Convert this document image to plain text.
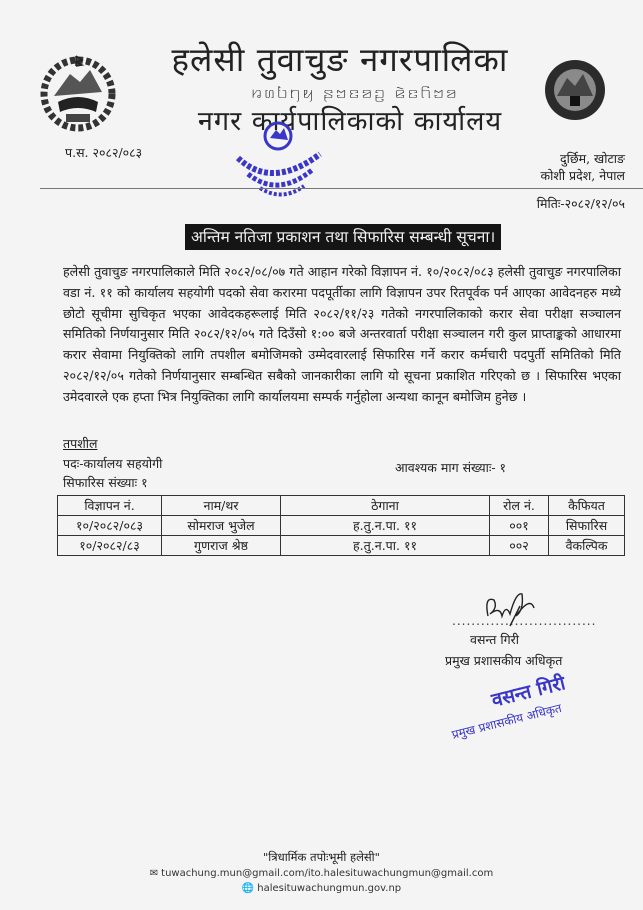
हलेसी तुवाचुङ नगरपालिका
ꤙꤛꤝꤚꤟ ꤔꤠꤢꤤꤑ ꤕꤧꤢꤖꤠꤤ
नगर कार्यपालिकाको कार्यालय
प.स. २०८२/०८३	दुर्छिम, खोटाङ
कोशी प्रदेश, नेपाल
मितिः-२०८२/१२/०५
अन्तिम नतिजा प्रकाशन तथा सिफारिस सम्बन्धी सूचना।
हलेसी तुवाचुङ नगरपालिकाले मिति २०८२/०८/०७ गते आहान गरेको विज्ञापन नं. १०/२०८२/०८३ हलेसी तुवाचुङ नगरपालिका वडा नं. ११ को कार्यालय सहयोगी पदको सेवा करारमा पदपूर्तीका लागि विज्ञापन उपर रितपूर्वक पर्न आएका आवेदनहरु मध्ये छोटो सूचीमा सुचिकृत भएका आवेदकहरूलाई मिति २०८२/११/२३ गतेको नगरपालिकाको करार सेवा परीक्षा सञ्चालन समितिको निर्णयानुसार मिति २०८२/१२/०५ गते दिउँसो १:०० बजे अन्तरवार्ता परीक्षा सञ्चालन गरी कुल प्राप्ताङ्कको आधारमा करार सेवामा नियुक्तिको लागि तपशील बमोजिमको उम्मेदवारलाई सिफारिस गर्ने करार कर्मचारी पदपुर्ती समितिको मिति २०८२/१२/०५ गतेको निर्णयानुसार सम्बन्धित सबैको जानकारीका लागि यो सूचना प्रकाशित गरिएको छ । सिफारिस भएका उमेदवारले एक हप्ता भित्र नियुक्तिका लागि कार्यालयमा सम्पर्क गर्नुहोला अन्यथा कानून बमोजिम हुनेछ ।
तपशील
पदः-कार्यालय सहयोगी	आवश्यक माग संख्याः- १
सिफारिस संख्याः १
विज्ञापन नं.	नाम/थर	ठेगाना	रोल नं.	कैफियत
१०/२०८२/०८३	सोमराज भुजेल	ह.तु.न.पा. ११	००१	सिफारिस
१०/२०८२/८३	गुणराज श्रेष्ठ	ह.तु.न.पा. ११	००२	वैकल्पिक
..............................
वसन्त गिरी
प्रमुख प्रशासकीय अधिकृत
वसन्त गिरी
प्रमुख प्रशासकीय अधिकृत
"त्रिधार्मिक तपोःभूमी हलेसी"
✉ tuwachung.mun@gmail.com/ito.halesituwachungmun@gmail.com
🌐 halesituwachungmun.gov.np
